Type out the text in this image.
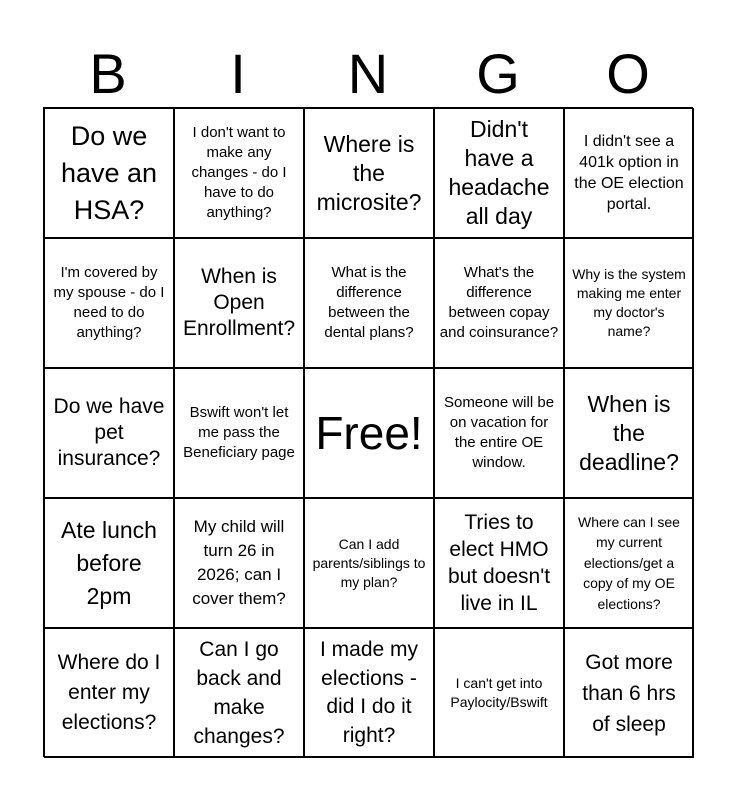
B	I	N	G	O
Do we have an HSA?
I don't want to make any changes - do I have to do anything?
Where is the microsite?
Didn't have a headache all day
I didn't see a 401k option in the OE election portal.
I'm covered by my spouse - do I need to do anything?
When is Open Enrollment?
What is the difference between the dental plans?
What's the difference between copay and coinsurance?
Why is the system making me enter my doctor's name?
Do we have pet insurance?
Bswift won't let me pass the Beneficiary page Free!
Someone will be on vacation for the entire OE window.
When is the deadline?
Ate lunch before 2pm
My child will turn 26 in 2026; can I cover them?
Can I add parents/siblings to my plan?
Tries to elect HMO but doesn't live in IL
Where can I see my current elections/get a copy of my OE elections?
Where do I enter my elections?
Can I go back and make changes?
I made my elections - did I do it right?
I can't get into Paylocity/Bswift
Got more than 6 hrs of sleep
